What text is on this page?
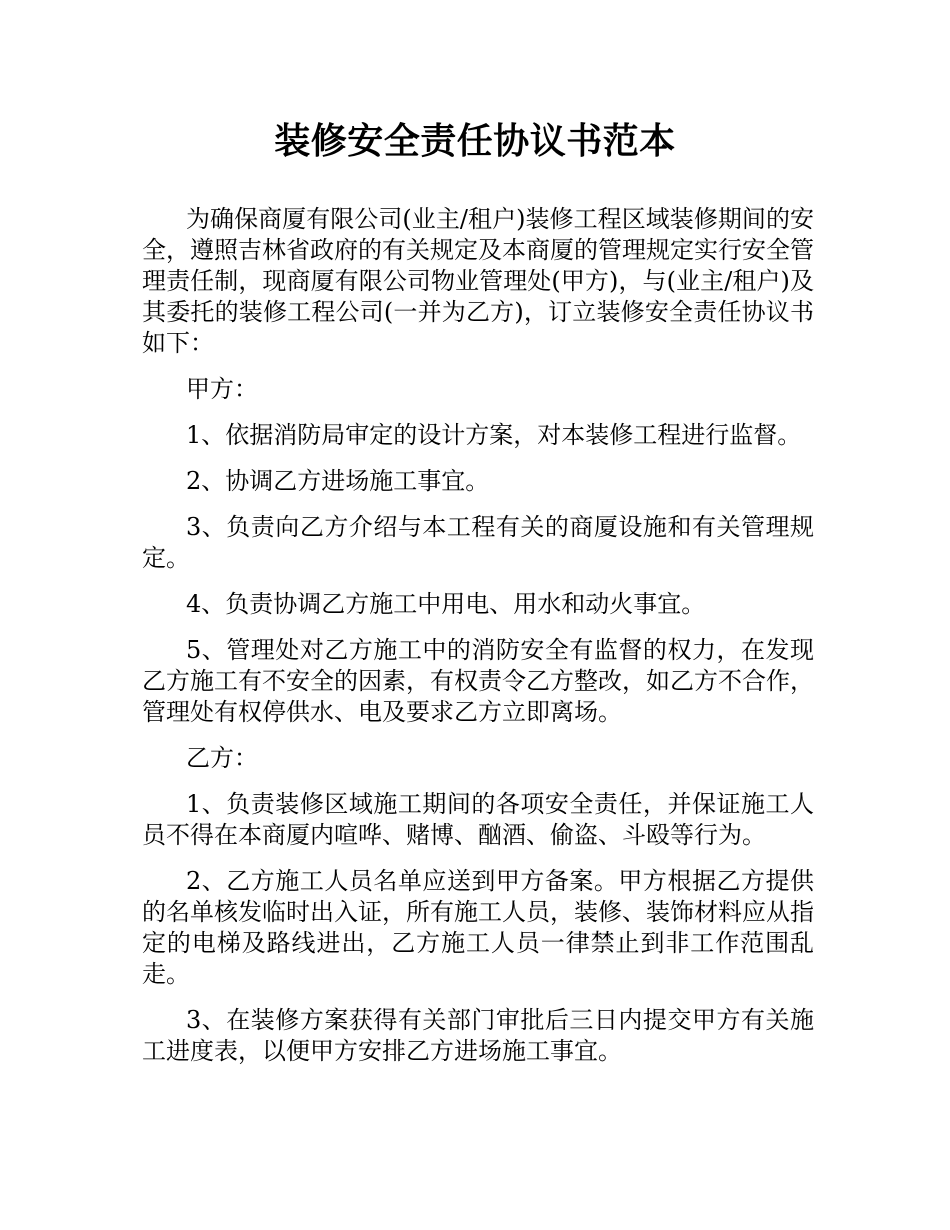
装修安全责任协议书范本

为确保商厦有限公司(业主/租户)装修工程区域装修期间的安全，遵照吉林省政府的有关规定及本商厦的管理规定实行安全管理责任制，现商厦有限公司物业管理处(甲方)，与(业主/租户)及其委托的装修工程公司(一并为乙方)，订立装修安全责任协议书如下：

甲方：

1、依据消防局审定的设计方案，对本装修工程进行监督。

2、协调乙方进场施工事宜。

3、负责向乙方介绍与本工程有关的商厦设施和有关管理规定。

4、负责协调乙方施工中用电、用水和动火事宜。

5、管理处对乙方施工中的消防安全有监督的权力，在发现乙方施工有不安全的因素，有权责令乙方整改，如乙方不合作，管理处有权停供水、电及要求乙方立即离场。

乙方：

1、负责装修区域施工期间的各项安全责任，并保证施工人员不得在本商厦内喧哗、赌博、酗酒、偷盗、斗殴等行为。

2、乙方施工人员名单应送到甲方备案。甲方根据乙方提供的名单核发临时出入证，所有施工人员，装修、装饰材料应从指定的电梯及路线进出，乙方施工人员一律禁止到非工作范围乱走。

3、在装修方案获得有关部门审批后三日内提交甲方有关施工进度表，以便甲方安排乙方进场施工事宜。
